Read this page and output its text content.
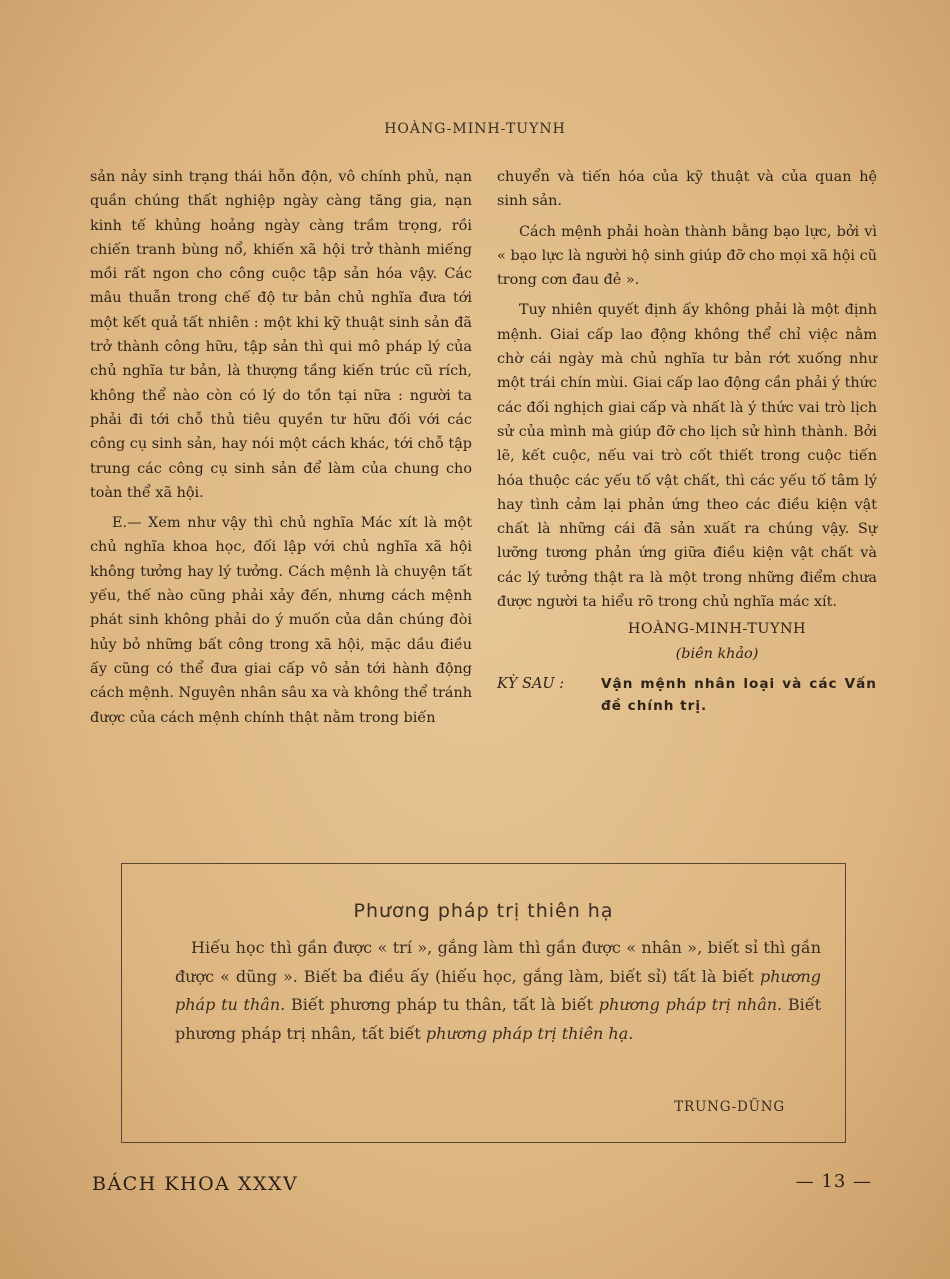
HOÀNG-MINH-TUYNH

sản nảy sinh trạng thái hỗn độn, vô chính phủ, nạn quần chúng thất nghiệp ngày càng tăng gia, nạn kinh tế khủng hoảng ngày càng trầm trọng, rồi chiến tranh bùng nổ, khiến xã hội trở thành miếng mồi rất ngon cho công cuộc tập sản hóa vậy. Các mâu thuẫn trong chế độ tư bản chủ nghĩa đưa tới một kết quả tất nhiên : một khi kỹ thuật sinh sản đã trở thành công hữu, tập sản thì qui mô pháp lý của chủ nghĩa tư bản, là thượng tầng kiến trúc cũ rích, không thể nào còn có lý do tồn tại nữa : người ta phải đi tới chỗ thủ tiêu quyền tư hữu đối với các công cụ sinh sản, hay nói một cách khác, tới chỗ tập trung các công cụ sinh sản để làm của chung cho toàn thể xã hội.

E.— Xem như vậy thì chủ nghĩa Mác xít là một chủ nghĩa khoa học, đối lập với chủ nghĩa xã hội không tưởng hay lý tưởng. Cách mệnh là chuyện tất yếu, thế nào cũng phải xảy đến, nhưng cách mệnh phát sinh không phải do ý muốn của dân chúng đòi hủy bỏ những bất công trong xã hội, mặc dầu điều ấy cũng có thể đưa giai cấp vô sản tới hành động cách mệnh. Nguyên nhân sâu xa và không thể tránh được của cách mệnh chính thật nằm trong biến

chuyển và tiến hóa của kỹ thuật và của quan hệ sinh sản.

Cách mệnh phải hoàn thành bằng bạo lực, bởi vì « bạo lực là người hộ sinh giúp đỡ cho mọi xã hội cũ trong cơn đau đẻ ».

Tuy nhiên quyết định ấy không phải là một định mệnh. Giai cấp lao động không thể chỉ việc nằm chờ cái ngày mà chủ nghĩa tư bản rớt xuống như một trái chín mùi. Giai cấp lao động cần phải ý thức các đối nghịch giai cấp và nhất là ý thức vai trò lịch sử của mình mà giúp đỡ cho lịch sử hình thành. Bởi lẽ, kết cuộc, nếu vai trò cốt thiết trong cuộc tiến hóa thuộc các yếu tố vật chất, thì các yếu tố tâm lý hay tình cảm lại phản ứng theo các điều kiện vật chất là những cái đã sản xuất ra chúng vậy. Sự lưỡng tương phản ứng giữa điều kiện vật chất và các lý tưởng thật ra là một trong những điểm chưa được người ta hiểu rõ trong chủ nghĩa mác xít.

HOÀNG-MINH-TUYNH
(biên khảo)
KỲ SAU :	Vận mệnh nhân loại và các Vấn đề chính trị.
Phương pháp trị thiên hạ

Hiếu học thì gần được « trí », gắng làm thì gần được « nhân », biết sỉ thì gần được « dũng ». Biết ba điều ấy (hiếu học, gắng làm, biết sỉ) tất là biết phương pháp tu thân. Biết phương pháp tu thân, tất là biết phương pháp trị nhân. Biết phương pháp trị nhân, tất biết phương pháp trị thiên hạ.

TRUNG-DŨNG
BÁCH KHOA XXXV	— 13 —
